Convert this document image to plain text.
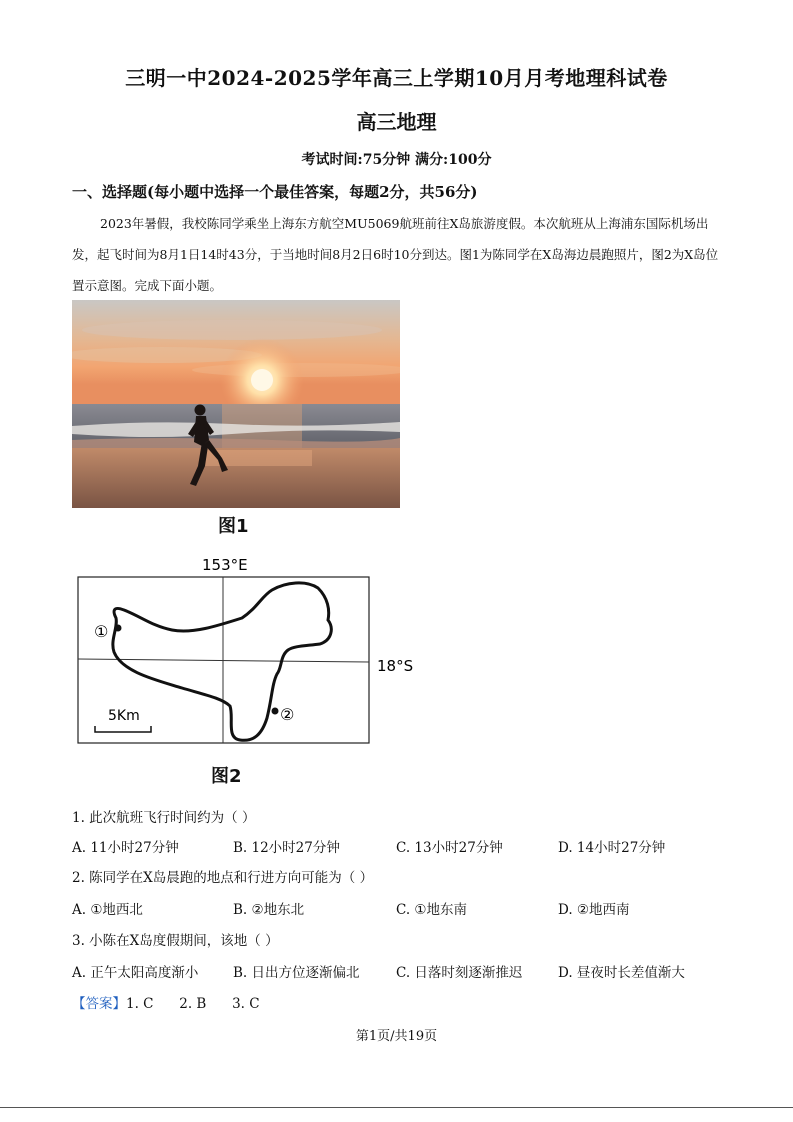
三明一中2024-2025学年高三上学期10月月考地理科试卷
高三地理
考试时间:75分钟 满分:100分
一、选择题(每小题中选择一个最佳答案，每题2分，共56分)
2023年暑假，我校陈同学乘坐上海东方航空MU5069航班前往X岛旅游度假。本次航班从上海浦东国际机场出发，起飞时间为8月1日14时43分，于当地时间8月2日6时10分到达。图1为陈同学在X岛海边晨跑照片，图2为X岛位置示意图。完成下面小题。
图1
153°E
18°S
①
②
5Km
图2
1. 此次航班飞行时间约为（ ）
A. 11小时27分钟	B. 12小时27分钟	C. 13小时27分钟	D. 14小时27分钟
2. 陈同学在X岛晨跑的地点和行进方向可能为（ ）
A. ①地西北	B. ②地东北	C. ①地东南	D. ②地西南
3. 小陈在X岛度假期间，该地（ ）
A. 正午太阳高度渐小	B. 日出方位逐渐偏北	C. 日落时刻逐渐推迟	D. 昼夜时长差值渐大
【答案】1. C      2. B      3. C
第1页/共19页
